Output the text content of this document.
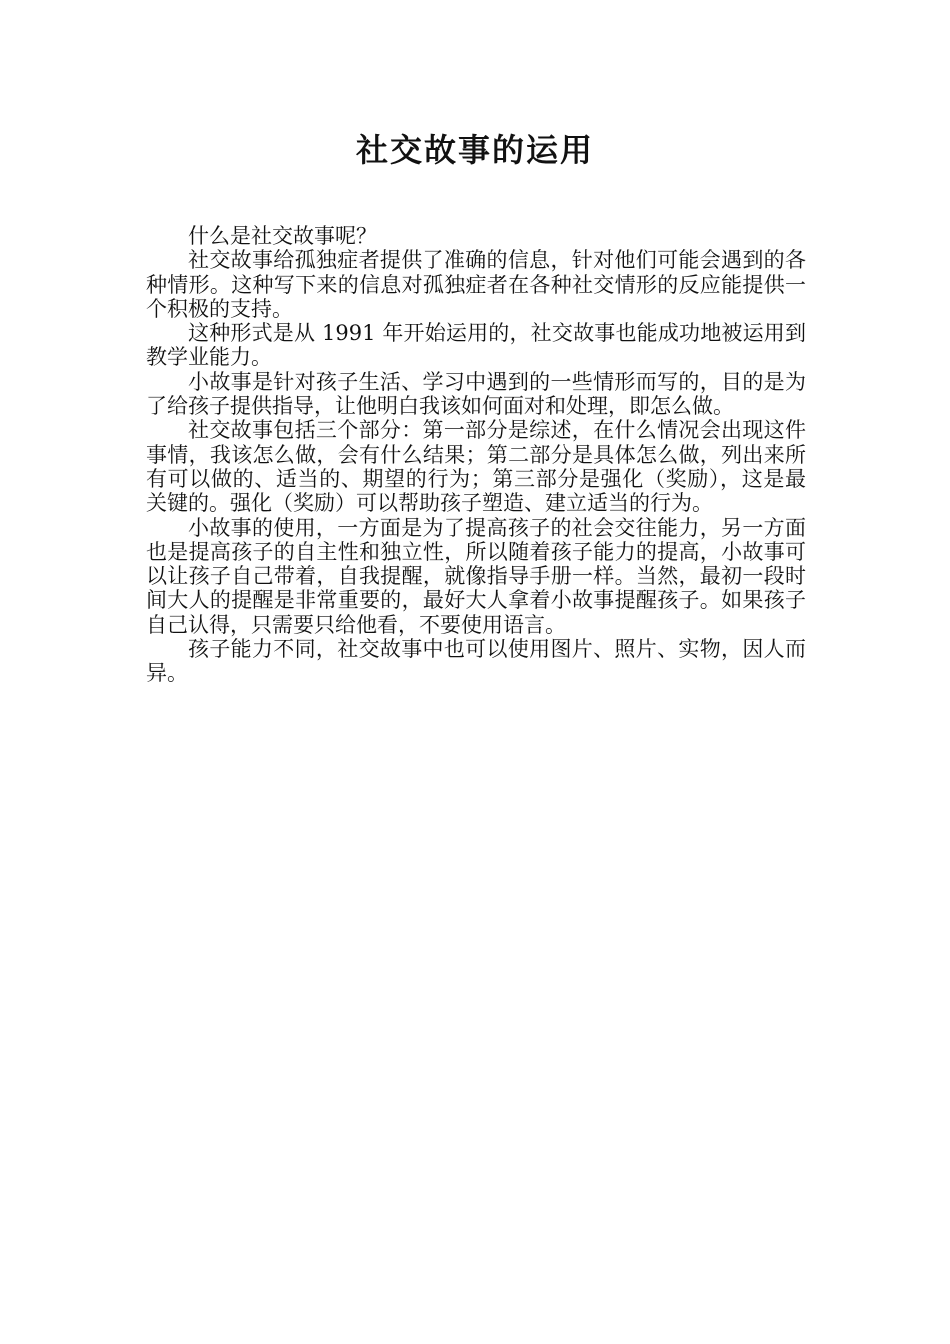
社交故事的运用

什么是社交故事呢？

社交故事给孤独症者提供了准确的信息，针对他们可能会遇到的各种情形。这种写下来的信息对孤独症者在各种社交情形的反应能提供一个积极的支持。

这种形式是从 1991 年开始运用的，社交故事也能成功地被运用到教学业能力。

小故事是针对孩子生活、学习中遇到的一些情形而写的，目的是为了给孩子提供指导，让他明白我该如何面对和处理，即怎么做。

社交故事包括三个部分：第一部分是综述，在什么情况会出现这件事情，我该怎么做，会有什么结果；第二部分是具体怎么做，列出来所有可以做的、适当的、期望的行为；第三部分是强化（奖励），这是最关键的。强化（奖励）可以帮助孩子塑造、建立适当的行为。

小故事的使用，一方面是为了提高孩子的社会交往能力，另一方面也是提高孩子的自主性和独立性，所以随着孩子能力的提高，小故事可以让孩子自己带着，自我提醒，就像指导手册一样。当然，最初一段时间大人的提醒是非常重要的，最好大人拿着小故事提醒孩子。如果孩子自己认得，只需要只给他看，不要使用语言。

孩子能力不同，社交故事中也可以使用图片、照片、实物，因人而异。
